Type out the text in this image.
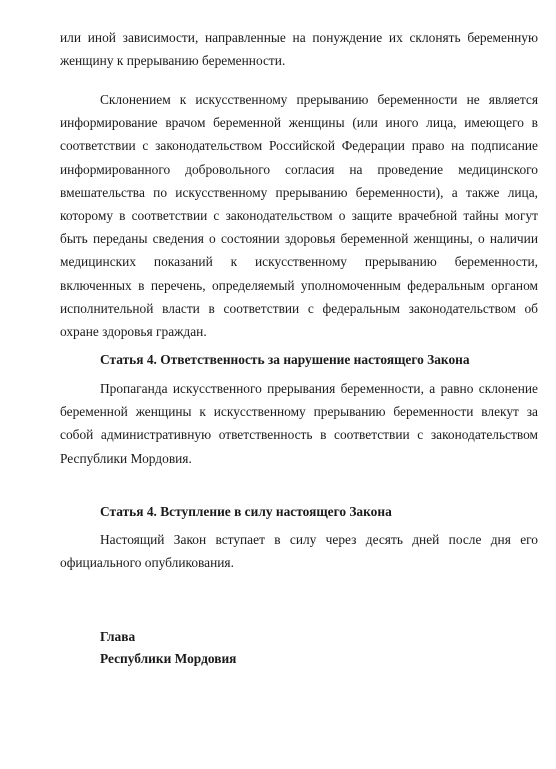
или иной зависимости, направленные на понуждение их склонять беременную женщину к прерыванию беременности.

Склонением к искусственному прерыванию беременности не является информирование врачом беременной женщины (или иного лица, имеющего в соответствии с законодательством Российской Федерации право на подписание информированного добровольного согласия на проведение медицинского вмешательства по искусственному прерыванию беременности), а также лица, которому в соответствии с законодательством о защите врачебной тайны могут быть переданы сведения о состоянии здоровья беременной женщины, о наличии медицинских показаний к искусственному прерыванию беременности, включенных в перечень, определяемый уполномоченным федеральным органом исполнительной власти в соответствии с федеральным законодательством об охране здоровья граждан.

Статья 4. Ответственность за нарушение настоящего Закона

Пропаганда искусственного прерывания беременности, а равно склонение беременной женщины к искусственному прерыванию беременности влекут за собой административную ответственность в соответствии с законодательством Республики Мордовия.

Статья 4. Вступление в силу настоящего Закона

Настоящий Закон вступает в силу через десять дней после дня его официального опубликования.

Глава
Республики Мордовия
